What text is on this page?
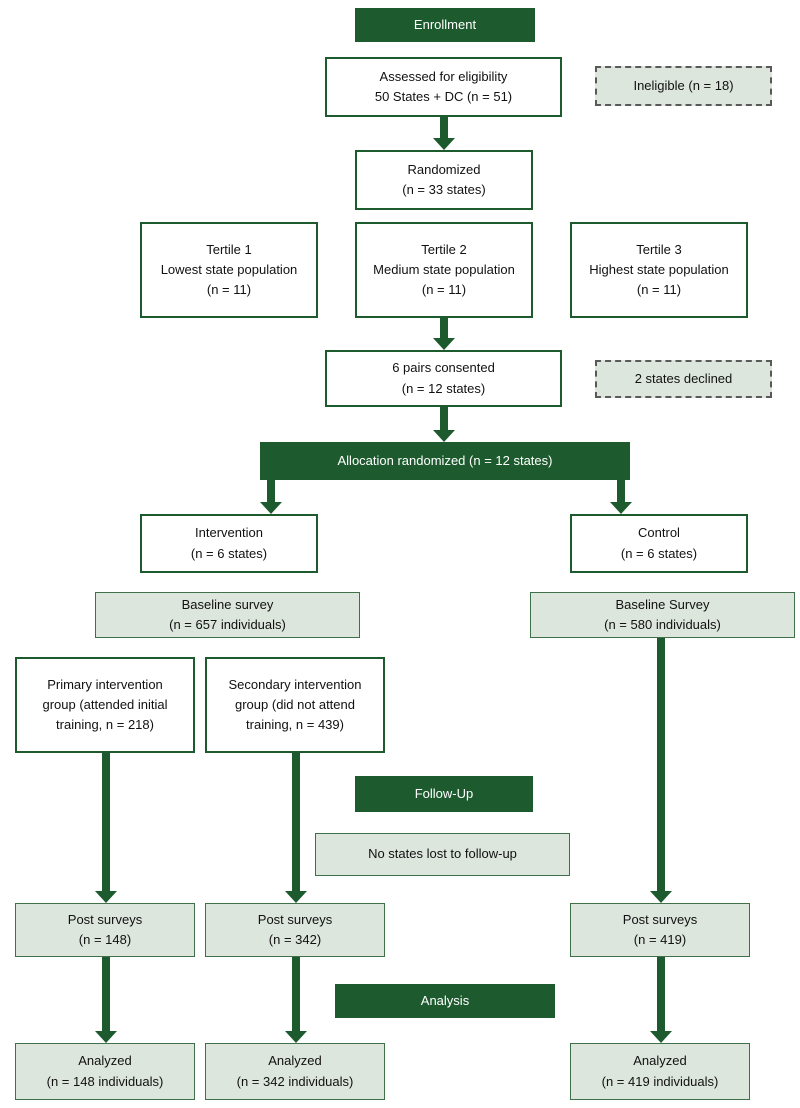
Enrollment
Assessed for eligibility
50 States + DC (n = 51)
Ineligible (n = 18)
Randomized
(n = 33 states)
Tertile 1
Lowest state population
(n = 11)
Tertile 2
Medium state population
(n = 11)
Tertile 3
Highest state population
(n = 11)
6 pairs consented
(n = 12 states)
2 states declined
Allocation randomized (n = 12 states)
Intervention
(n = 6 states)
Control
(n = 6 states)
Baseline survey
(n = 657 individuals)
Baseline Survey
(n = 580 individuals)
Primary intervention
group (attended initial
training, n = 218)
Secondary intervention
group (did not attend
training, n = 439)
Follow-Up
No states lost to follow-up
Post surveys
(n = 148)
Post surveys
(n = 342)
Post surveys
(n = 419)
Analysis
Analyzed
(n = 148 individuals)
Analyzed
(n = 342 individuals)
Analyzed
(n = 419 individuals)
